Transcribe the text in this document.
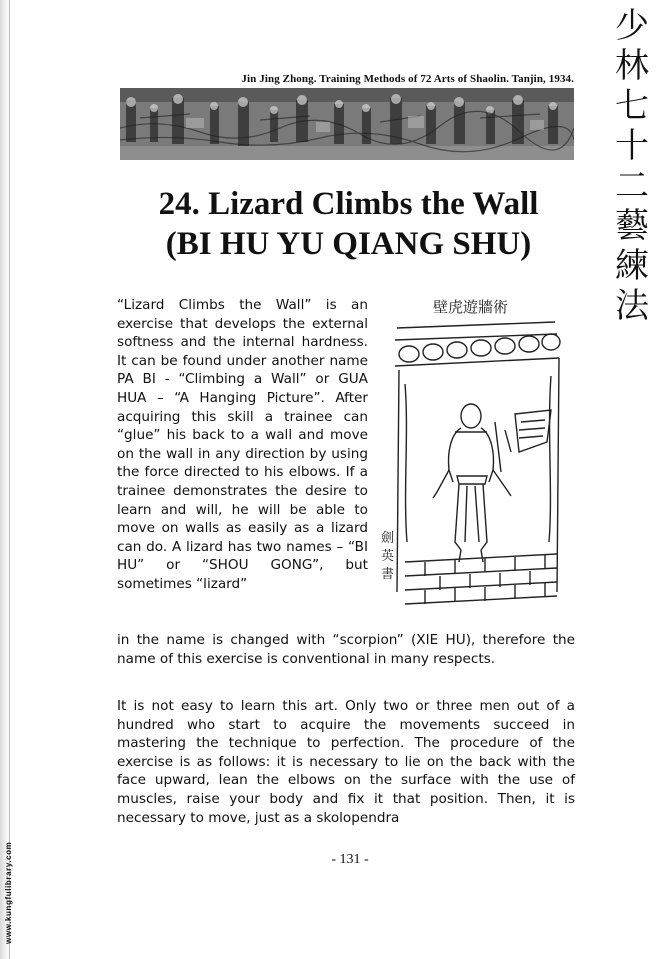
Jin Jing Zhong. Training Methods of 72 Arts of Shaolin. Tanjin, 1934.
少
林
七
十
二
藝
練
法
24. Lizard Climbs the Wall
(BI HU YU QIANG SHU)

“Lizard Climbs the Wall” is an exercise that develops the external softness and the internal hardness. It can be found under another name PA BI - “Climbing a Wall” or GUA HUA – “A Hanging Picture”. After acquiring this skill a trainee can “glue” his back to a wall and move on the wall in any direction by using the force directed to his elbows. If a trainee demonstrates the desire to learn and will, he will be able to move on walls as easily as a lizard can do. A lizard has two names – “BI HU” or “SHOU GONG”, but sometimes “lizard”

壁虎遊牆術
劍
英
書

in the name is changed with “scorpion” (XIE HU), therefore the name of this exercise is conventional in many respects.

It is not easy to learn this art. Only two or three men out of a hundred who start to acquire the movements succeed in mastering the technique to perfection. The procedure of the exercise is as follows: it is necessary to lie on the back with the face upward, lean the elbows on the surface with the use of muscles, raise your body and fix it that position. Then, it is necessary to move, just as a skolopendra

- 131 -
www.kungfulibrary.com
